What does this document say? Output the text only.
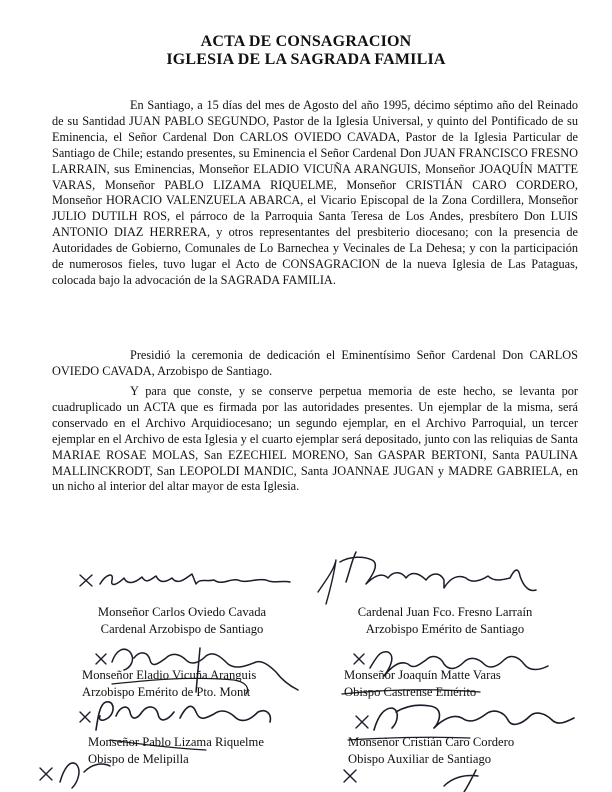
ACTA DE CONSAGRACION
IGLESIA DE LA SAGRADA FAMILIA

En Santiago, a 15 días del mes de Agosto del año 1995, décimo séptimo año del Reinado de su Santidad JUAN PABLO SEGUNDO, Pastor de la Iglesia Universal, y quinto del Pontificado de su Eminencia, el Señor Cardenal Don CARLOS OVIEDO CAVADA, Pastor de la Iglesia Particular de Santiago de Chile; estando presentes, su Eminencia el Señor Cardenal Don JUAN FRANCISCO FRESNO LARRAIN, sus Eminencias, Monseñor ELADIO VICUÑA ARANGUIS, Monseñor JOAQUÍN MATTE VARAS, Monseñor PABLO LIZAMA RIQUELME, Monseñor CRISTIÁN CARO CORDERO, Monseñor HORACIO VALENZUELA ABARCA, el Vicario Episcopal de la Zona Cordillera, Monseñor JULIO DUTILH ROS, el párroco de la Parroquia Santa Teresa de Los Andes, presbítero Don LUIS ANTONIO DIAZ HERRERA, y otros representantes del presbiterio diocesano; con la presencia de Autoridades de Gobierno, Comunales de Lo Barnechea y Vecinales de La Dehesa; y con la participación de numerosos fieles, tuvo lugar el Acto de CONSAGRACION de la nueva Iglesia de Las Pataguas, colocada bajo la advocación de la SAGRADA FAMILIA.

Presidió la ceremonia de dedicación el Eminentísimo Señor Cardenal Don CARLOS OVIEDO CAVADA, Arzobispo de Santiago.

Y para que conste, y se conserve perpetua memoria de este hecho, se levanta por cuadruplicado un ACTA que es firmada por las autoridades presentes. Un ejemplar de la misma, será conservado en el Archivo Arquidiocesano; un segundo ejemplar, en el Archivo Parroquial, un tercer ejemplar en el Archivo de esta Iglesia y el cuarto ejemplar será depositado, junto con las reliquias de Santa MARIAE ROSAE MOLAS, San EZECHIEL MORENO, San GASPAR BERTONI, Santa PAULINA MALLINCKRODT, San LEOPOLDI MANDIC, Santa JOANNAE JUGAN y MADRE GABRIELA, en un nicho al interior del altar mayor de esta Iglesia.

Monseñor Carlos Oviedo Cavada
Cardenal Arzobispo de Santiago
Cardenal Juan Fco. Fresno Larraín
Arzobispo Emérito de Santiago
Monseñor Eladio Vicuña Aranguis
Arzobispo Emérito de Pto. Montt
Monseñor Joaquín Matte Varas
Obispo Castrense Emérito
Monseñor Pablo Lizama Riquelme
Obispo de Melipilla
Monseñor Cristián Caro Cordero
Obispo Auxiliar de Santiago
